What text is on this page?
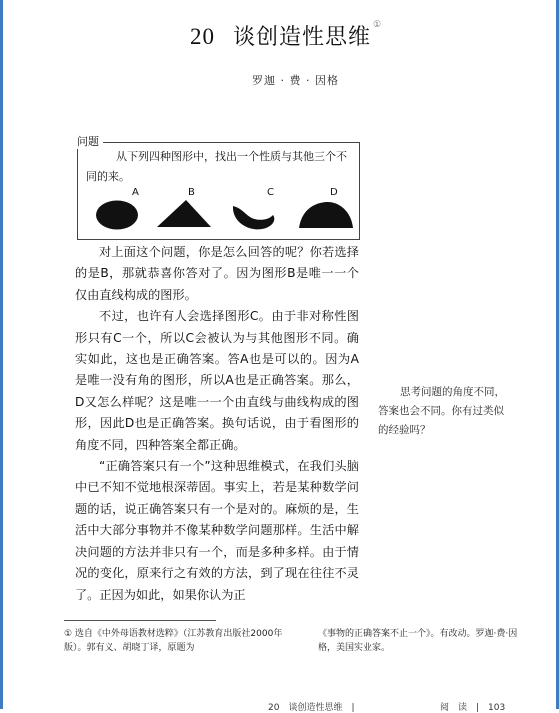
20 谈创造性思维 ①
罗迦 · 费 · 因格
问题
从下列四种图形中，找出一个性质与其他三个不同的来。
A	B	C	D

对上面这个问题，你是怎么回答的呢？你若选择的是B，那就恭喜你答对了。因为图形B是唯一一个仅由直线构成的图形。

不过，也许有人会选择图形C。由于非对称性图形只有C一个，所以C会被认为与其他图形不同。确实如此，这也是正确答案。答A也是可以的。因为A是唯一没有角的图形，所以A也是正确答案。那么，D又怎么样呢？这是唯一一个由直线与曲线构成的图形，因此D也是正确答案。换句话说，由于看图形的角度不同，四种答案全都正确。

“正确答案只有一个”这种思维模式，在我们头脑中已不知不觉地根深蒂固。事实上，若是某种数学问题的话，说正确答案只有一个是对的。麻烦的是，生活中大部分事物并不像某种数学问题那样。生活中解决问题的方法并非只有一个，而是多种多样。由于情况的变化，原来行之有效的方法，到了现在往往不灵了。正因为如此，如果你认为正

思考问题的角度不同，答案也会不同。你有过类似的经验吗？
① 选自《中外母语教材选粹》（江苏教育出版社2000年版）。郭有义、胡晓丁译，原题为
《事物的正确答案不止一个》。有改动。罗迦·费·因格，美国实业家。
20　谈创造性思维　|	阅　读　|　103
